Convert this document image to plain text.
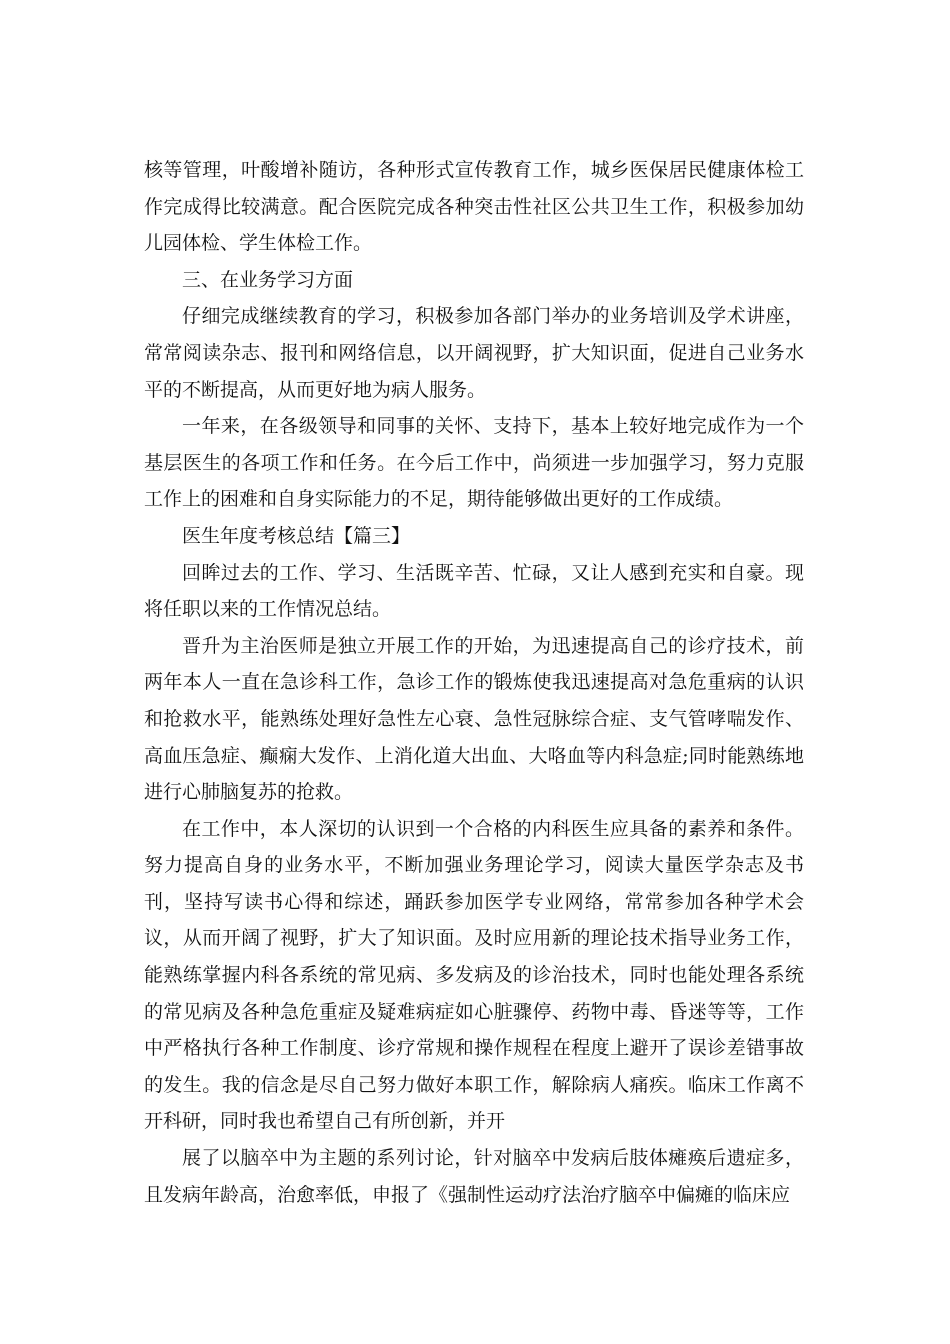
核等管理，叶酸增补随访，各种形式宣传教育工作，城乡医保居民健康体检工作完成得比较满意。配合医院完成各种突击性社区公共卫生工作，积极参加幼儿园体检、学生体检工作。

三、在业务学习方面

仔细完成继续教育的学习，积极参加各部门举办的业务培训及学术讲座，常常阅读杂志、报刊和网络信息，以开阔视野，扩大知识面，促进自己业务水平的不断提高，从而更好地为病人服务。

一年来，在各级领导和同事的关怀、支持下，基本上较好地完成作为一个基层医生的各项工作和任务。在今后工作中，尚须进一步加强学习，努力克服工作上的困难和自身实际能力的不足，期待能够做出更好的工作成绩。

医生年度考核总结【篇三】

回眸过去的工作、学习、生活既辛苦、忙碌，又让人感到充实和自豪。现将任职以来的工作情况总结。

晋升为主治医师是独立开展工作的开始，为迅速提高自己的诊疗技术，前两年本人一直在急诊科工作，急诊工作的锻炼使我迅速提高对急危重病的认识和抢救水平，能熟练处理好急性左心衰、急性冠脉综合症、支气管哮喘发作、高血压急症、癫痫大发作、上消化道大出血、大咯血等内科急症;同时能熟练地进行心肺脑复苏的抢救。

在工作中，本人深切的认识到一个合格的内科医生应具备的素养和条件。努力提高自身的业务水平，不断加强业务理论学习，阅读大量医学杂志及书刊，坚持写读书心得和综述，踊跃参加医学专业网络，常常参加各种学术会议，从而开阔了视野，扩大了知识面。及时应用新的理论技术指导业务工作，能熟练掌握内科各系统的常见病、多发病及的诊治技术，同时也能处理各系统的常见病及各种急危重症及疑难病症如心脏骤停、药物中毒、昏迷等等，工作中严格执行各种工作制度、诊疗常规和操作规程在程度上避开了误诊差错事故的发生。我的信念是尽自己努力做好本职工作，解除病人痛疾。临床工作离不开科研，同时我也希望自己有所创新，并开

展了以脑卒中为主题的系列讨论，针对脑卒中发病后肢体瘫痪后遗症多，且发病年龄高，治愈率低，申报了《强制性运动疗法治疗脑卒中偏瘫的临床应
